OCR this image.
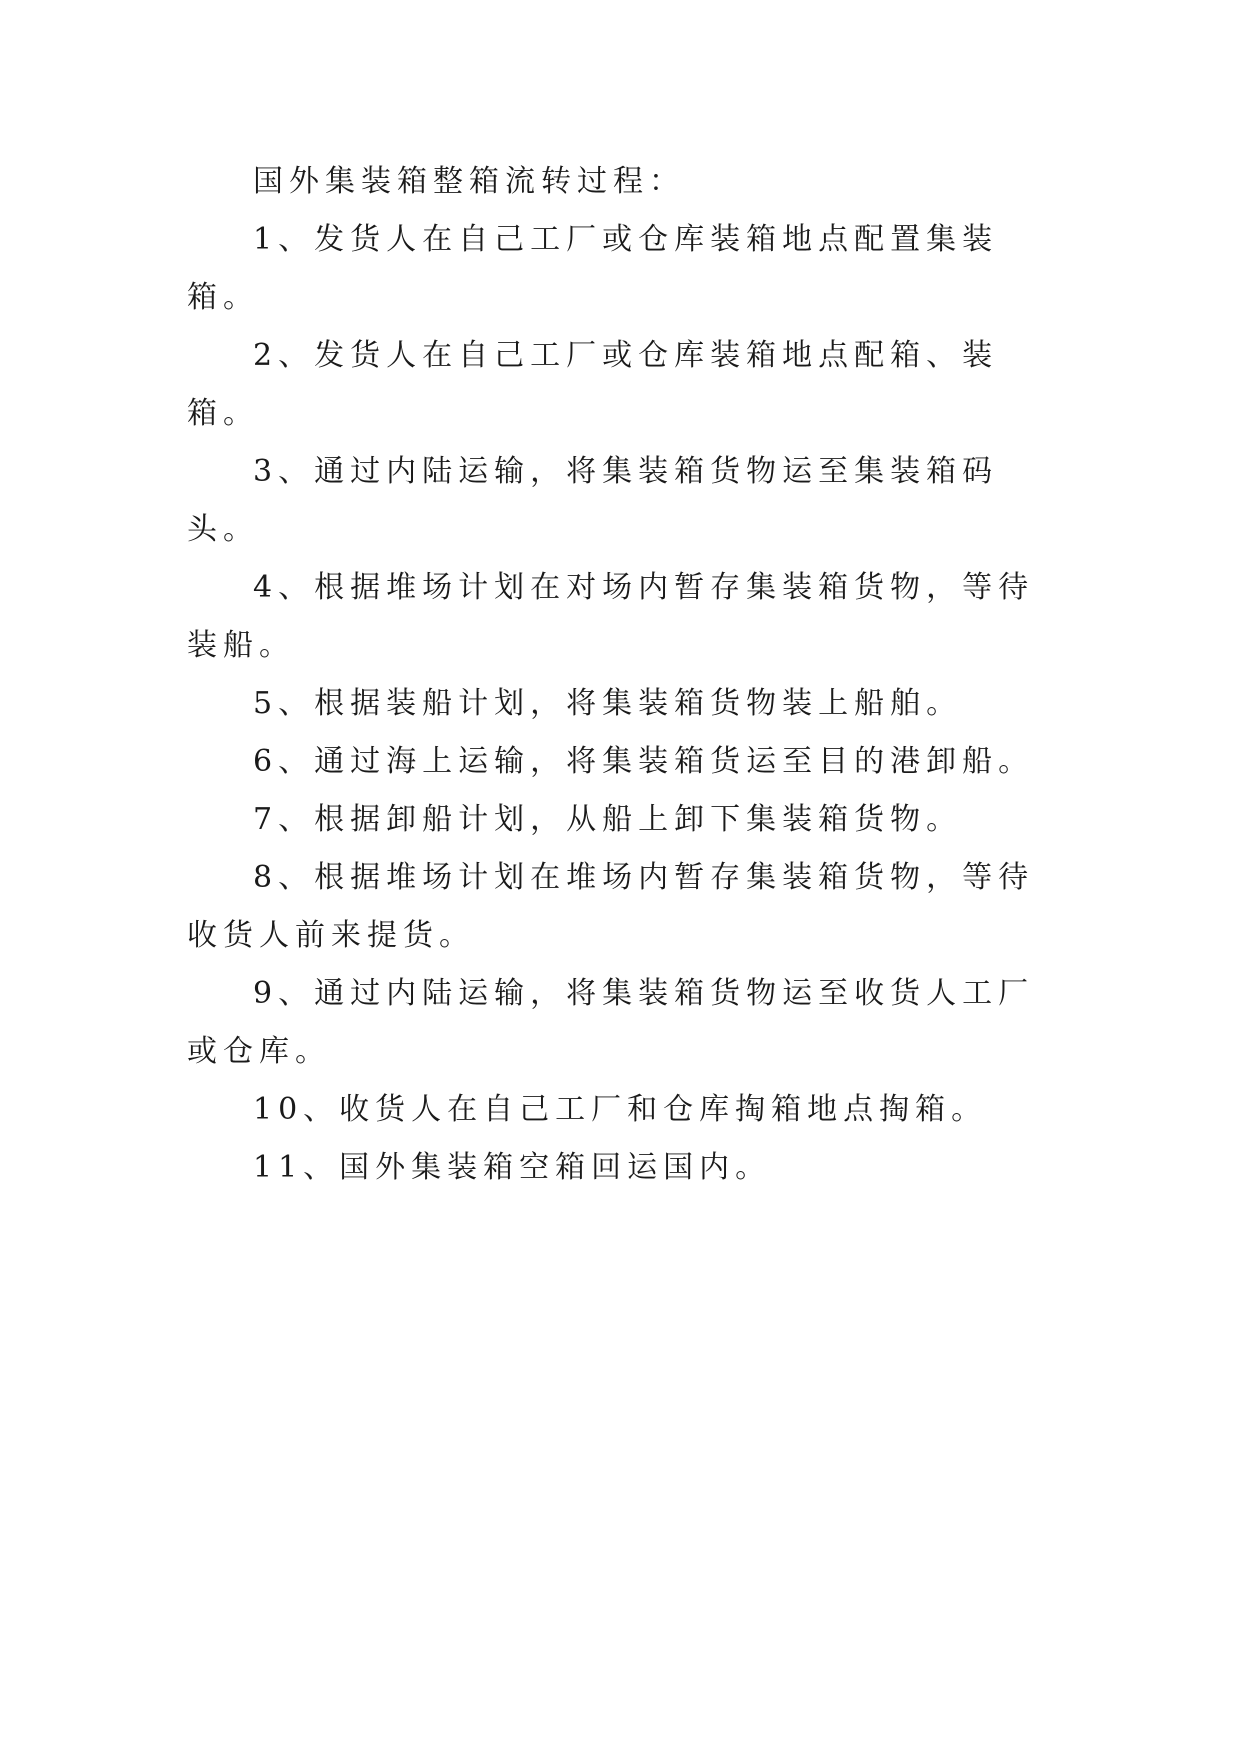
国外集装箱整箱流转过程：

1、发货人在自己工厂或仓库装箱地点配置集装箱。

2、发货人在自己工厂或仓库装箱地点配箱、装箱。

3、通过内陆运输，将集装箱货物运至集装箱码头。

4、根据堆场计划在对场内暂存集装箱货物，等待装船。

5、根据装船计划，将集装箱货物装上船舶。

6、通过海上运输，将集装箱货运至目的港卸船。

7、根据卸船计划，从船上卸下集装箱货物。

8、根据堆场计划在堆场内暂存集装箱货物，等待收货人前来提货。

9、通过内陆运输，将集装箱货物运至收货人工厂或仓库。

10、收货人在自己工厂和仓库掏箱地点掏箱。

11、国外集装箱空箱回运国内。
